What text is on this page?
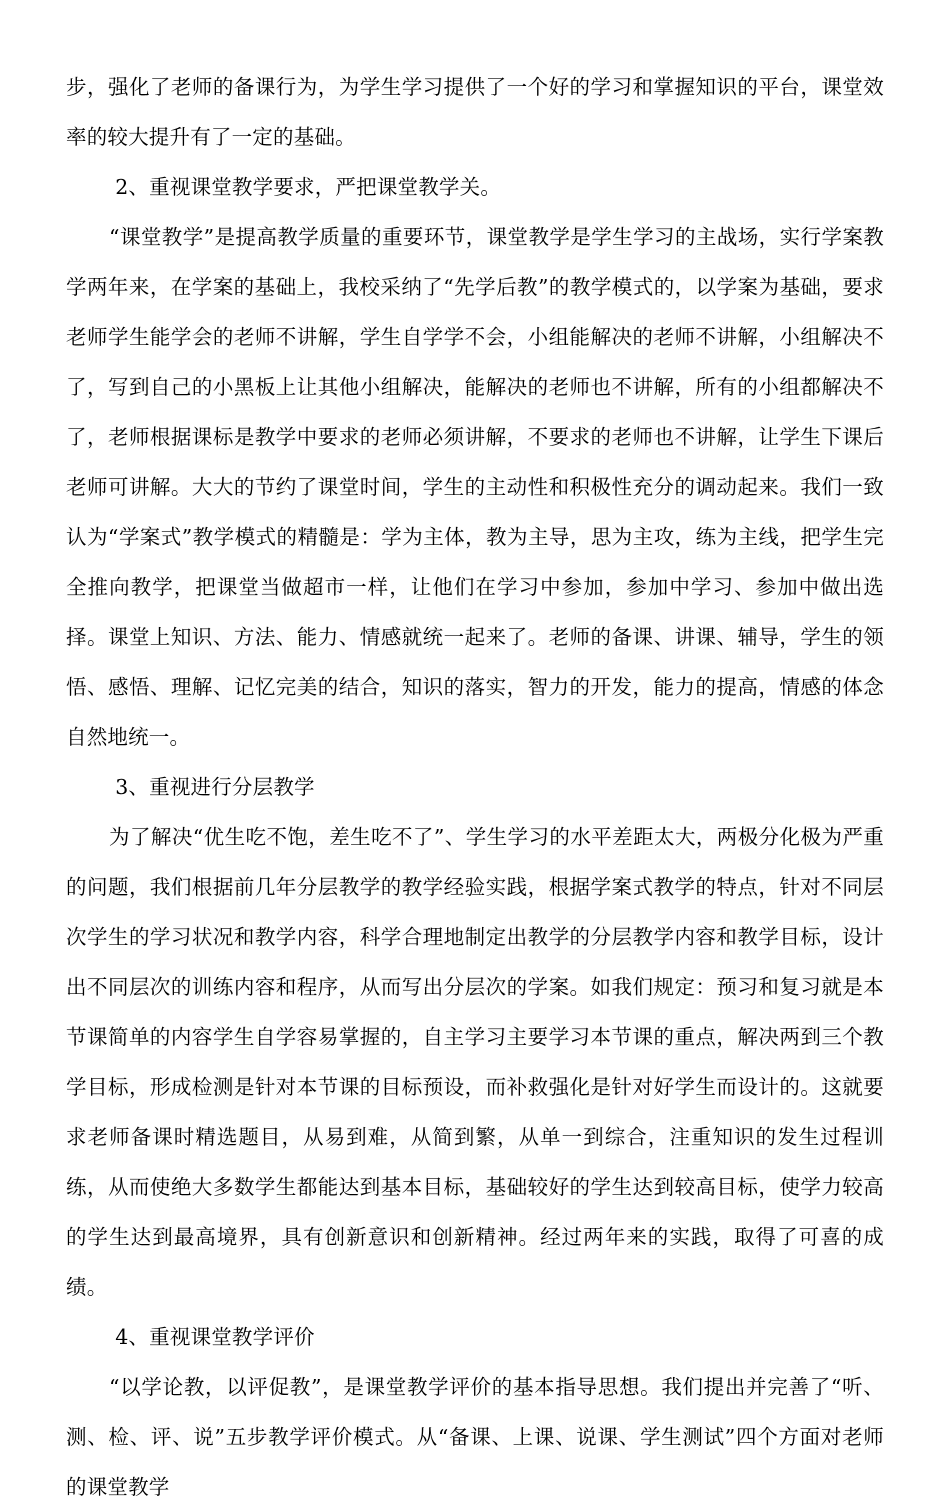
步，强化了老师的备课行为，为学生学习提供了一个好的学习和掌握知识的平台，课堂效率的较大提升有了一定的基础。

2、重视课堂教学要求，严把课堂教学关。

“课堂教学”是提高教学质量的重要环节，课堂教学是学生学习的主战场，实行学案教学两年来，在学案的基础上，我校采纳了“先学后教”的教学模式的，以学案为基础，要求老师学生能学会的老师不讲解，学生自学学不会，小组能解决的老师不讲解，小组解决不了，写到自己的小黑板上让其他小组解决，能解决的老师也不讲解，所有的小组都解决不了，老师根据课标是教学中要求的老师必须讲解，不要求的老师也不讲解，让学生下课后老师可讲解。大大的节约了课堂时间，学生的主动性和积极性充分的调动起来。我们一致认为“学案式”教学模式的精髓是：学为主体，教为主导，思为主攻，练为主线，把学生完全推向教学，把课堂当做超市一样，让他们在学习中参加，参加中学习、参加中做出选择。课堂上知识、方法、能力、情感就统一起来了。老师的备课、讲课、辅导，学生的领悟、感悟、理解、记忆完美的结合，知识的落实，智力的开发，能力的提高，情感的体念自然地统一。

3、重视进行分层教学

为了解决“优生吃不饱，差生吃不了”、学生学习的水平差距太大，两极分化极为严重的问题，我们根据前几年分层教学的教学经验实践，根据学案式教学的特点，针对不同层次学生的学习状况和教学内容，科学合理地制定出教学的分层教学内容和教学目标，设计出不同层次的训练内容和程序，从而写出分层次的学案。如我们规定：预习和复习就是本节课简单的内容学生自学容易掌握的，自主学习主要学习本节课的重点，解决两到三个教学目标，形成检测是针对本节课的目标预设，而补救强化是针对好学生而设计的。这就要求老师备课时精选题目，从易到难，从简到繁，从单一到综合，注重知识的发生过程训练，从而使绝大多数学生都能达到基本目标，基础较好的学生达到较高目标，使学力较高的学生达到最高境界，具有创新意识和创新精神。经过两年来的实践，取得了可喜的成绩。

4、重视课堂教学评价

“以学论教，以评促教”，是课堂教学评价的基本指导思想。我们提出并完善了“听、测、检、评、说”五步教学评价模式。从“备课、上课、说课、学生测试”四个方面对老师的课堂教学
